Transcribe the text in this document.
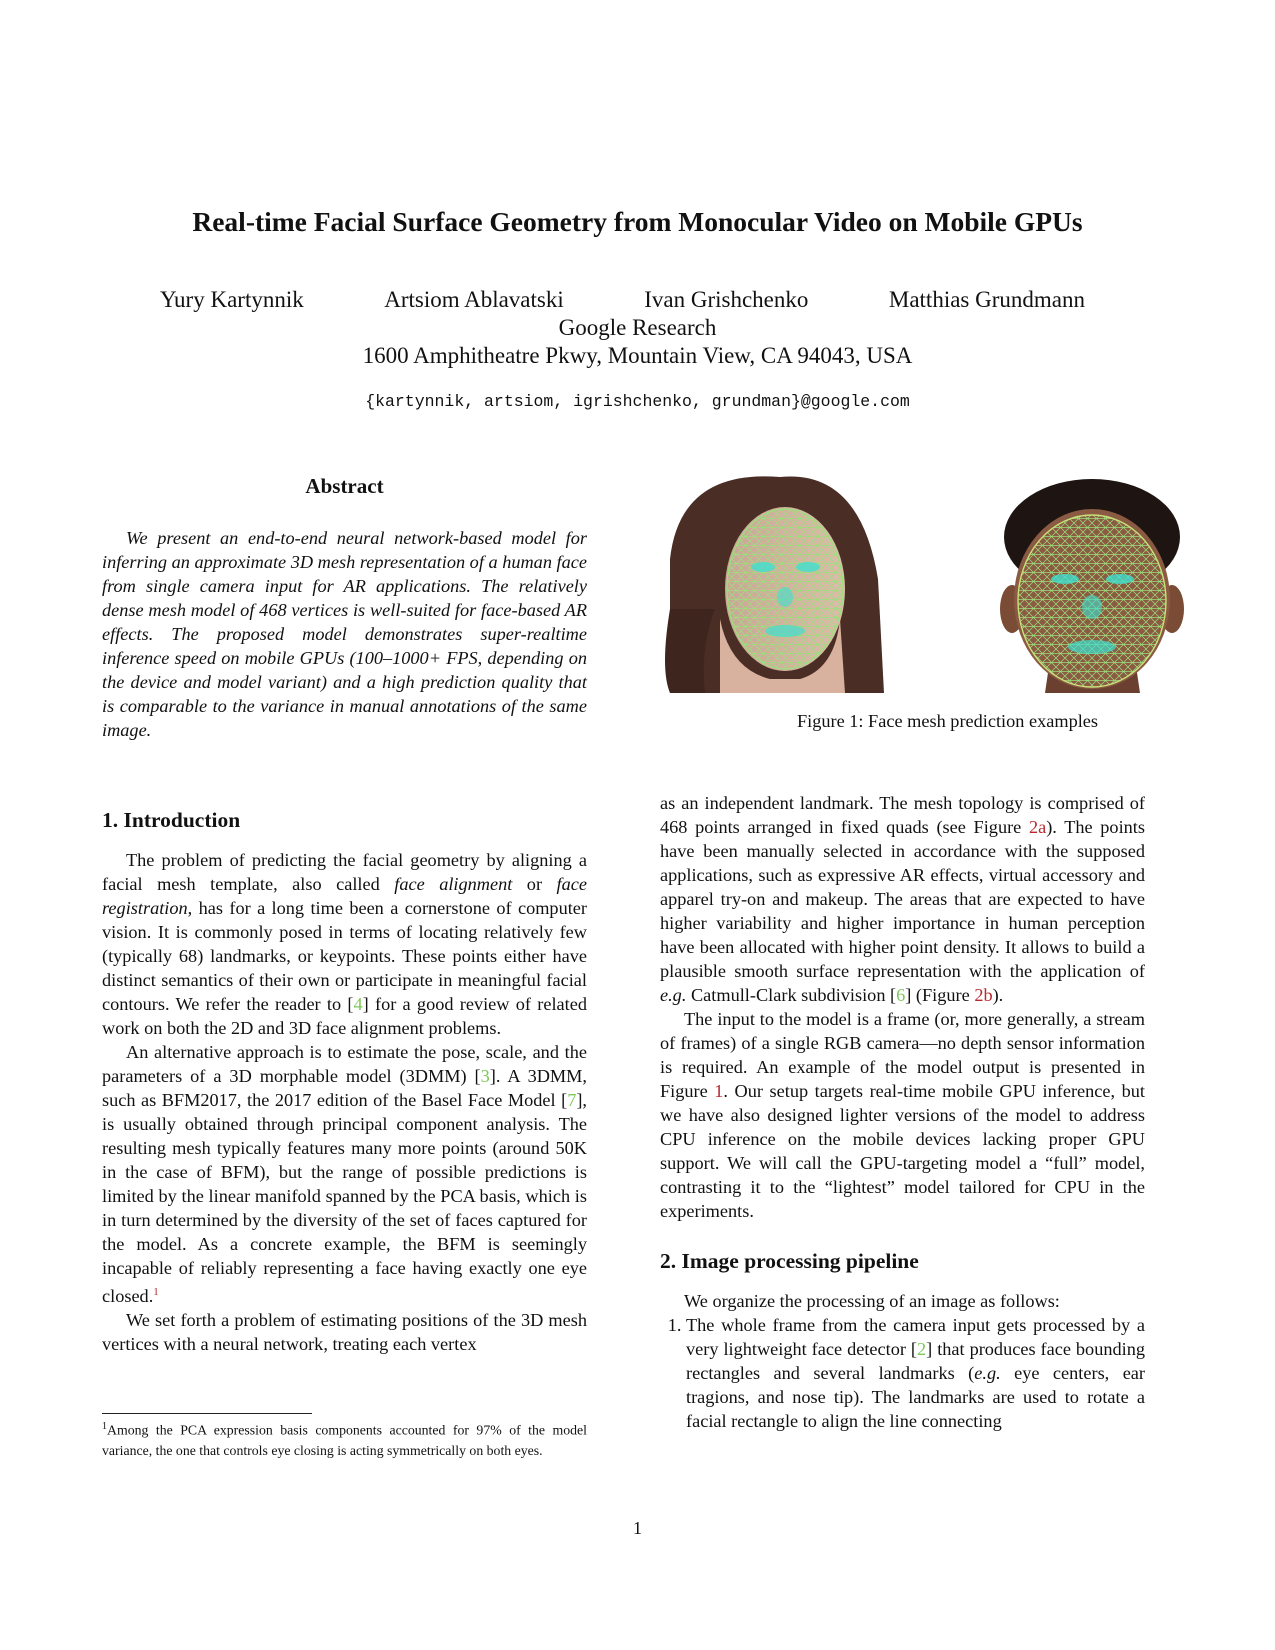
Real-time Facial Surface Geometry from Monocular Video on Mobile GPUs
Yury Kartynnik	Artsiom Ablavatski	Ivan Grishchenko	Matthias Grundmann
Google Research
1600 Amphitheatre Pkwy, Mountain View, CA 94043, USA
{kartynnik, artsiom, igrishchenko, grundman}@google.com
Abstract

We present an end-to-end neural network-based model for inferring an approximate 3D mesh representation of a human face from single camera input for AR applications. The relatively dense mesh model of 468 vertices is well-suited for face-based AR effects. The proposed model demonstrates super-realtime inference speed on mobile GPUs (100–1000+ FPS, depending on the device and model variant) and a high prediction quality that is comparable to the variance in manual annotations of the same image.

1. Introduction

The problem of predicting the facial geometry by aligning a facial mesh template, also called face alignment or face registration, has for a long time been a cornerstone of computer vision. It is commonly posed in terms of locating relatively few (typically 68) landmarks, or keypoints. These points either have distinct semantics of their own or participate in meaningful facial contours. We refer the reader to [4] for a good review of related work on both the 2D and 3D face alignment problems.

An alternative approach is to estimate the pose, scale, and the parameters of a 3D morphable model (3DMM) [3]. A 3DMM, such as BFM2017, the 2017 edition of the Basel Face Model [7], is usually obtained through principal component analysis. The resulting mesh typically features many more points (around 50K in the case of BFM), but the range of possible predictions is limited by the linear manifold spanned by the PCA basis, which is in turn determined by the diversity of the set of faces captured for the model. As a concrete example, the BFM is seemingly incapable of reliably representing a face having exactly one eye closed.$^1$

We set forth a problem of estimating positions of the 3D mesh vertices with a neural network, treating each vertex

$^1$Among the PCA expression basis components accounted for 97% of the model variance, the one that controls eye closing is acting symmetrically on both eyes.
Figure 1: Face mesh prediction examples

as an independent landmark. The mesh topology is comprised of 468 points arranged in fixed quads (see Figure 2a). The points have been manually selected in accordance with the supposed applications, such as expressive AR effects, virtual accessory and apparel try-on and makeup. The areas that are expected to have higher variability and higher importance in human perception have been allocated with higher point density. It allows to build a plausible smooth surface representation with the application of e.g. Catmull-Clark subdivision [6] (Figure 2b).

The input to the model is a frame (or, more generally, a stream of frames) of a single RGB camera—no depth sensor information is required. An example of the model output is presented in Figure 1. Our setup targets real-time mobile GPU inference, but we have also designed lighter versions of the model to address CPU inference on the mobile devices lacking proper GPU support. We will call the GPU-targeting model a “full” model, contrasting it to the “lightest” model tailored for CPU in the experiments.

2. Image processing pipeline

We organize the processing of an image as follows:

1. The whole frame from the camera input gets processed by a very lightweight face detector [2] that produces face bounding rectangles and several landmarks (e.g. eye centers, ear tragions, and nose tip). The landmarks are used to rotate a facial rectangle to align the line connecting
1
